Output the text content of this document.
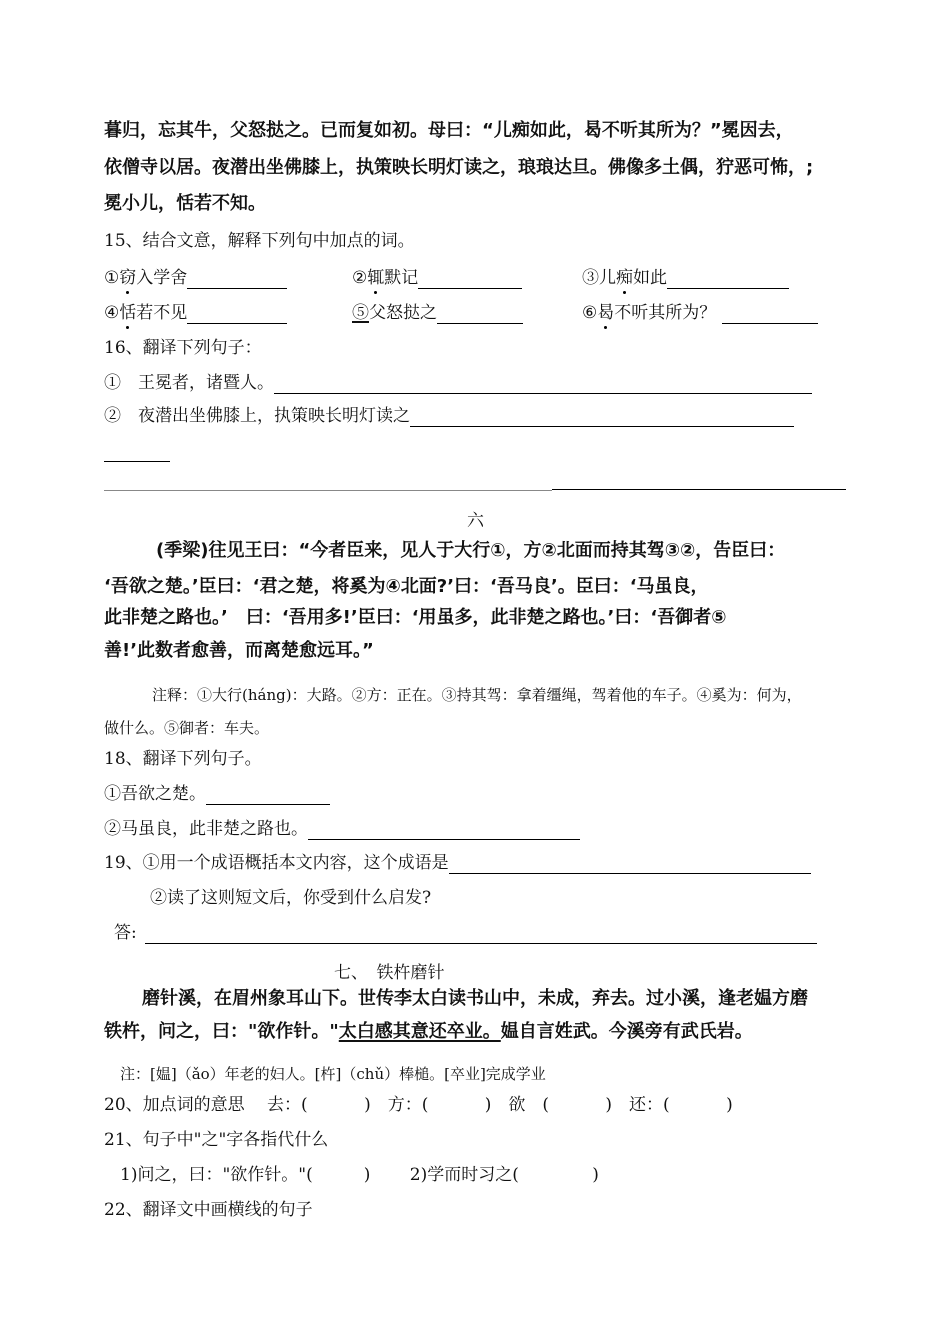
暮归，忘其牛，父怒挞之。已而复如初。母曰：“儿痴如此，曷不听其所为？”冕因去，
依僧寺以居。夜潜出坐佛膝上，执策映长明灯读之，琅琅达旦。佛像多土偶，狞恶可怖，;
冕小儿，恬若不知。
15、结合文意，解释下列句中加点的词。
①窃入学舍	②辄默记	③儿痴如此
④恬若不见	⑤父怒挞之	⑥曷不听其所为？
16、翻译下列句子：
①　王冕者，诸暨人。
②　夜潜出坐佛膝上，执策映长明灯读之
六
(季梁)往见王曰：“今者臣来，见人于大行①，方②北面而持其驾③②，告臣曰：
‘吾欲之楚。’臣曰：‘君之楚，将奚为④北面?’曰：‘吾马良’。臣曰：‘马虽良，
此非楚之路也。’　曰：‘吾用多!’臣曰：‘用虽多，此非楚之路也。’曰：‘吾御者⑤
善!’此数者愈善，而离楚愈远耳。”
注释：①大行(háng)：大路。②方：正在。③持其驾：拿着缰绳，驾着他的车子。④奚为：何为，
做什么。⑤御者：车夫。
18、翻译下列句子。
①吾欲之楚。
②马虽良，此非楚之路也。
19、①用一个成语概括本文内容，这个成语是
②读了这则短文后，你受到什么启发?
答:
七、　铁杵磨针
磨针溪，在眉州象耳山下。世传李太白读书山中，未成，弃去。过小溪，逢老媪方磨
铁杵，问之，曰："欲作针。"太白感其意还卒业。媪自言姓武。今溪旁有武氏岩。
注：[媪]（ǎo）年老的妇人。[杵]（chǔ）棒槌。[卒业]完成学业
20、加点词的意思　 去：(　　　 )　方：(　　　 )　欲　(　　　 )　还：(　　　 )
21、句子中"之"字各指代什么
1)问之，曰："欲作针。"(　　　)　　 2)学而时习之(　　　　 )
22、翻译文中画横线的句子
